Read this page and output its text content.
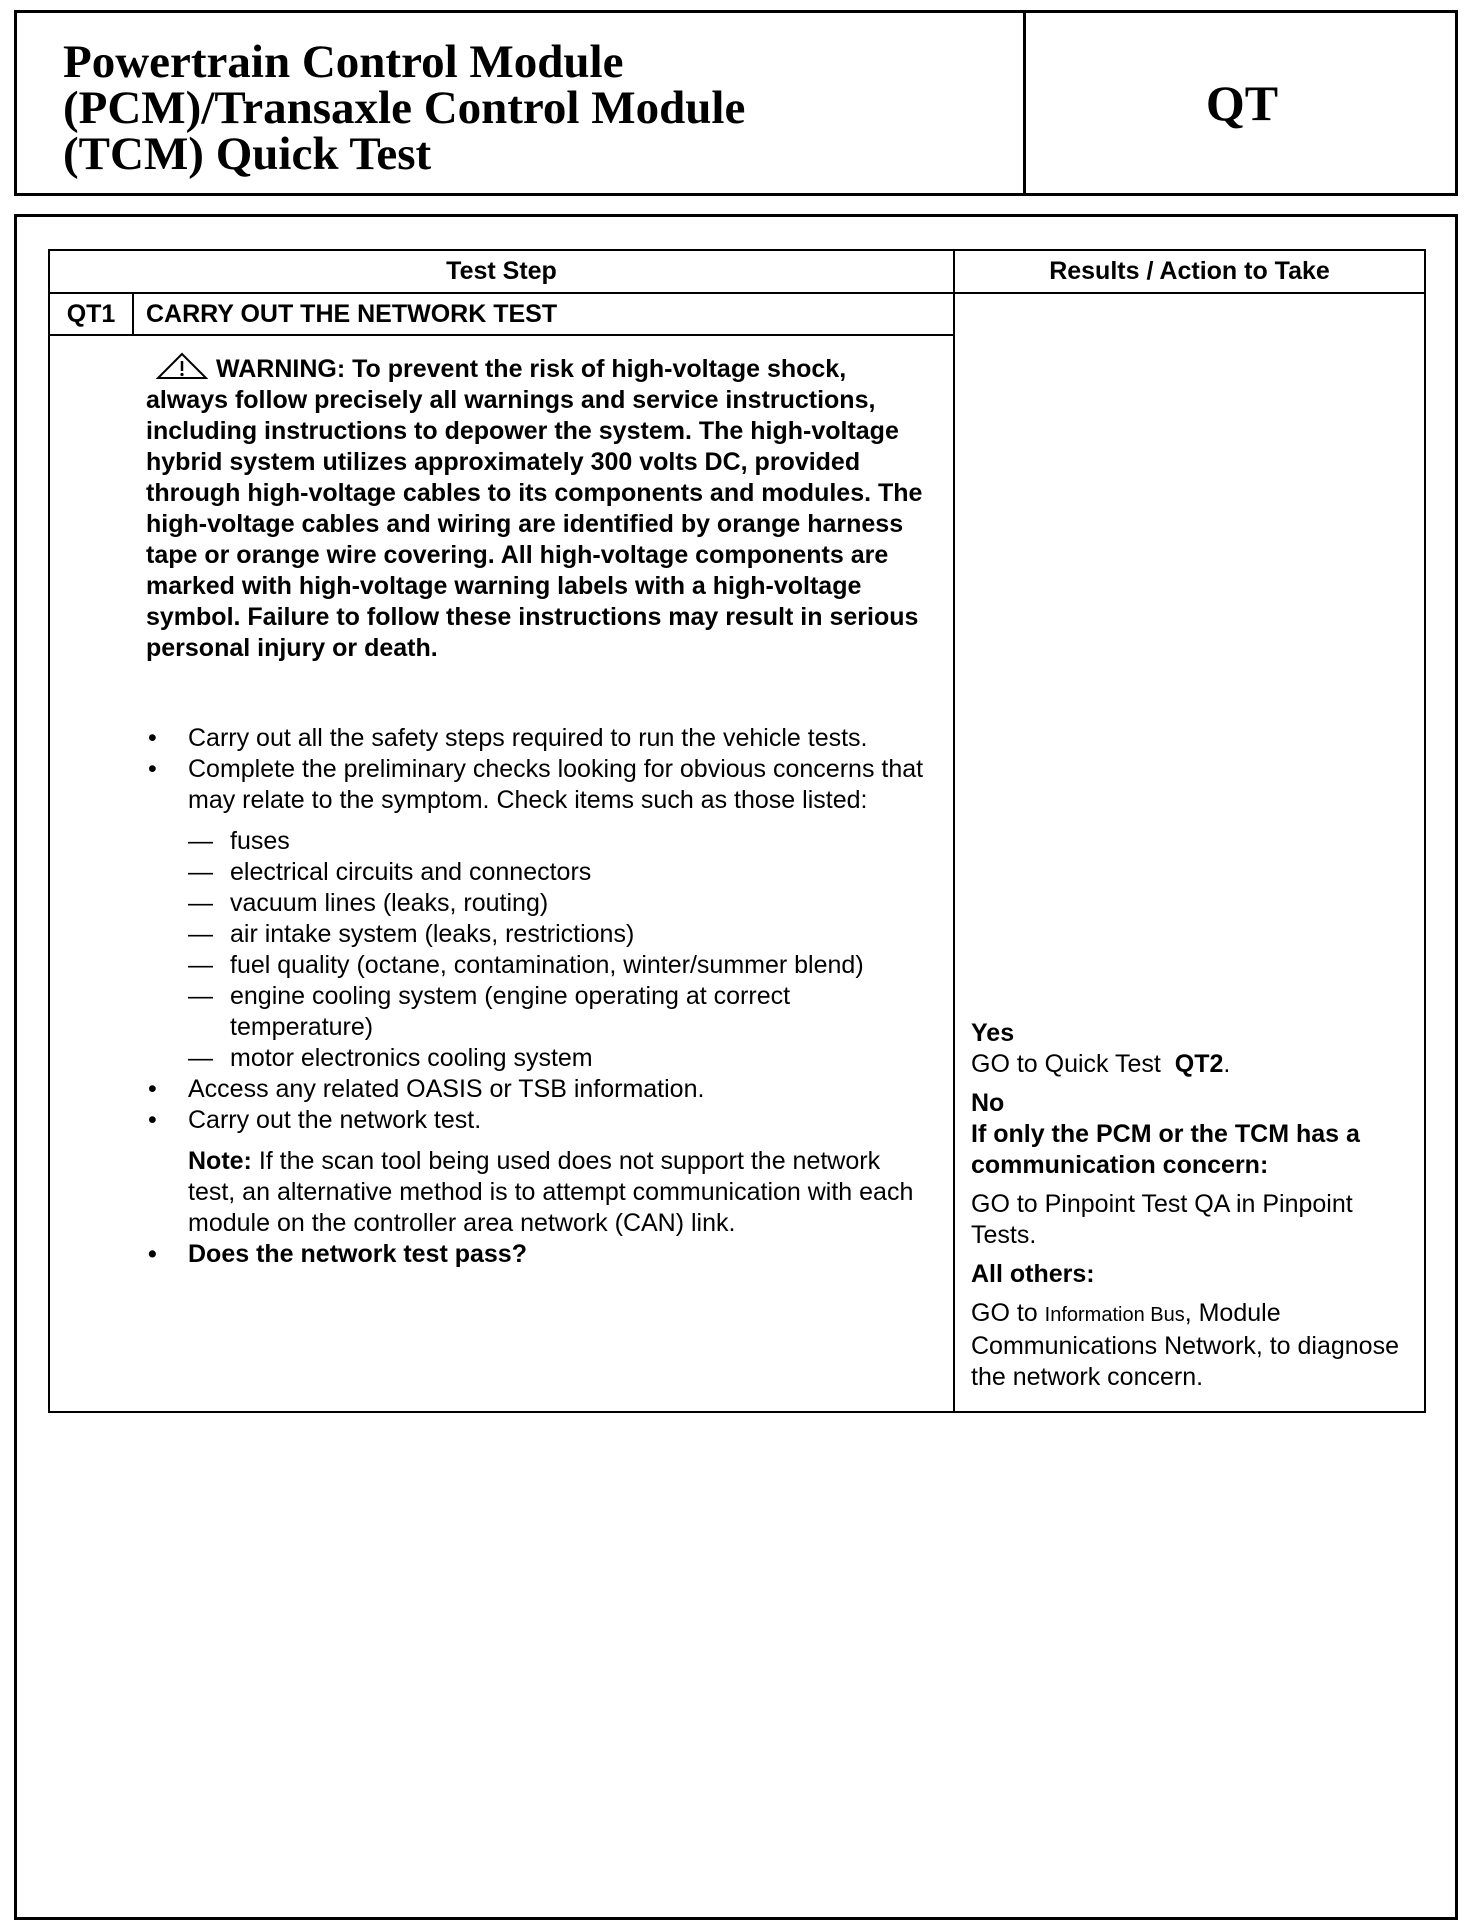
Powertrain Control Module
(PCM)/Transaxle Control Module
(TCM) Quick Test
QT
Test Step	Results / Action to Take
QT1	CARRY OUT THE NETWORK TEST
WARNING: To prevent the risk of high-voltage shock, always follow precisely all warnings and service instructions, including instructions to depower the system. The high-voltage hybrid system utilizes approximately 300 volts DC, provided through high-voltage cables to its components and modules. The high-voltage cables and wiring are identified by orange harness tape or orange wire covering. All high-voltage components are marked with high-voltage warning labels with a high-voltage symbol. Failure to follow these instructions may result in serious personal injury or death.
• Carry out all the safety steps required to run the vehicle tests.
• Complete the preliminary checks looking for obvious concerns that may relate to the symptom. Check items such as those listed:
— fuses
— electrical circuits and connectors
— vacuum lines (leaks, routing)
— air intake system (leaks, restrictions)
— fuel quality (octane, contamination, winter/summer blend)
— engine cooling system (engine operating at correct temperature)
— motor electronics cooling system
• Access any related OASIS or TSB information.
• Carry out the network test.
Note: If the scan tool being used does not support the network test, an alternative method is to attempt communication with each module on the controller area network (CAN) link.
• Does the network test pass?
Yes
GO to Quick Test QT2.
No
If only the PCM or the TCM has a communication concern:
GO to Pinpoint Test QA in Pinpoint Tests.
All others:
GO to Information Bus, Module Communications Network, to diagnose the network concern.
